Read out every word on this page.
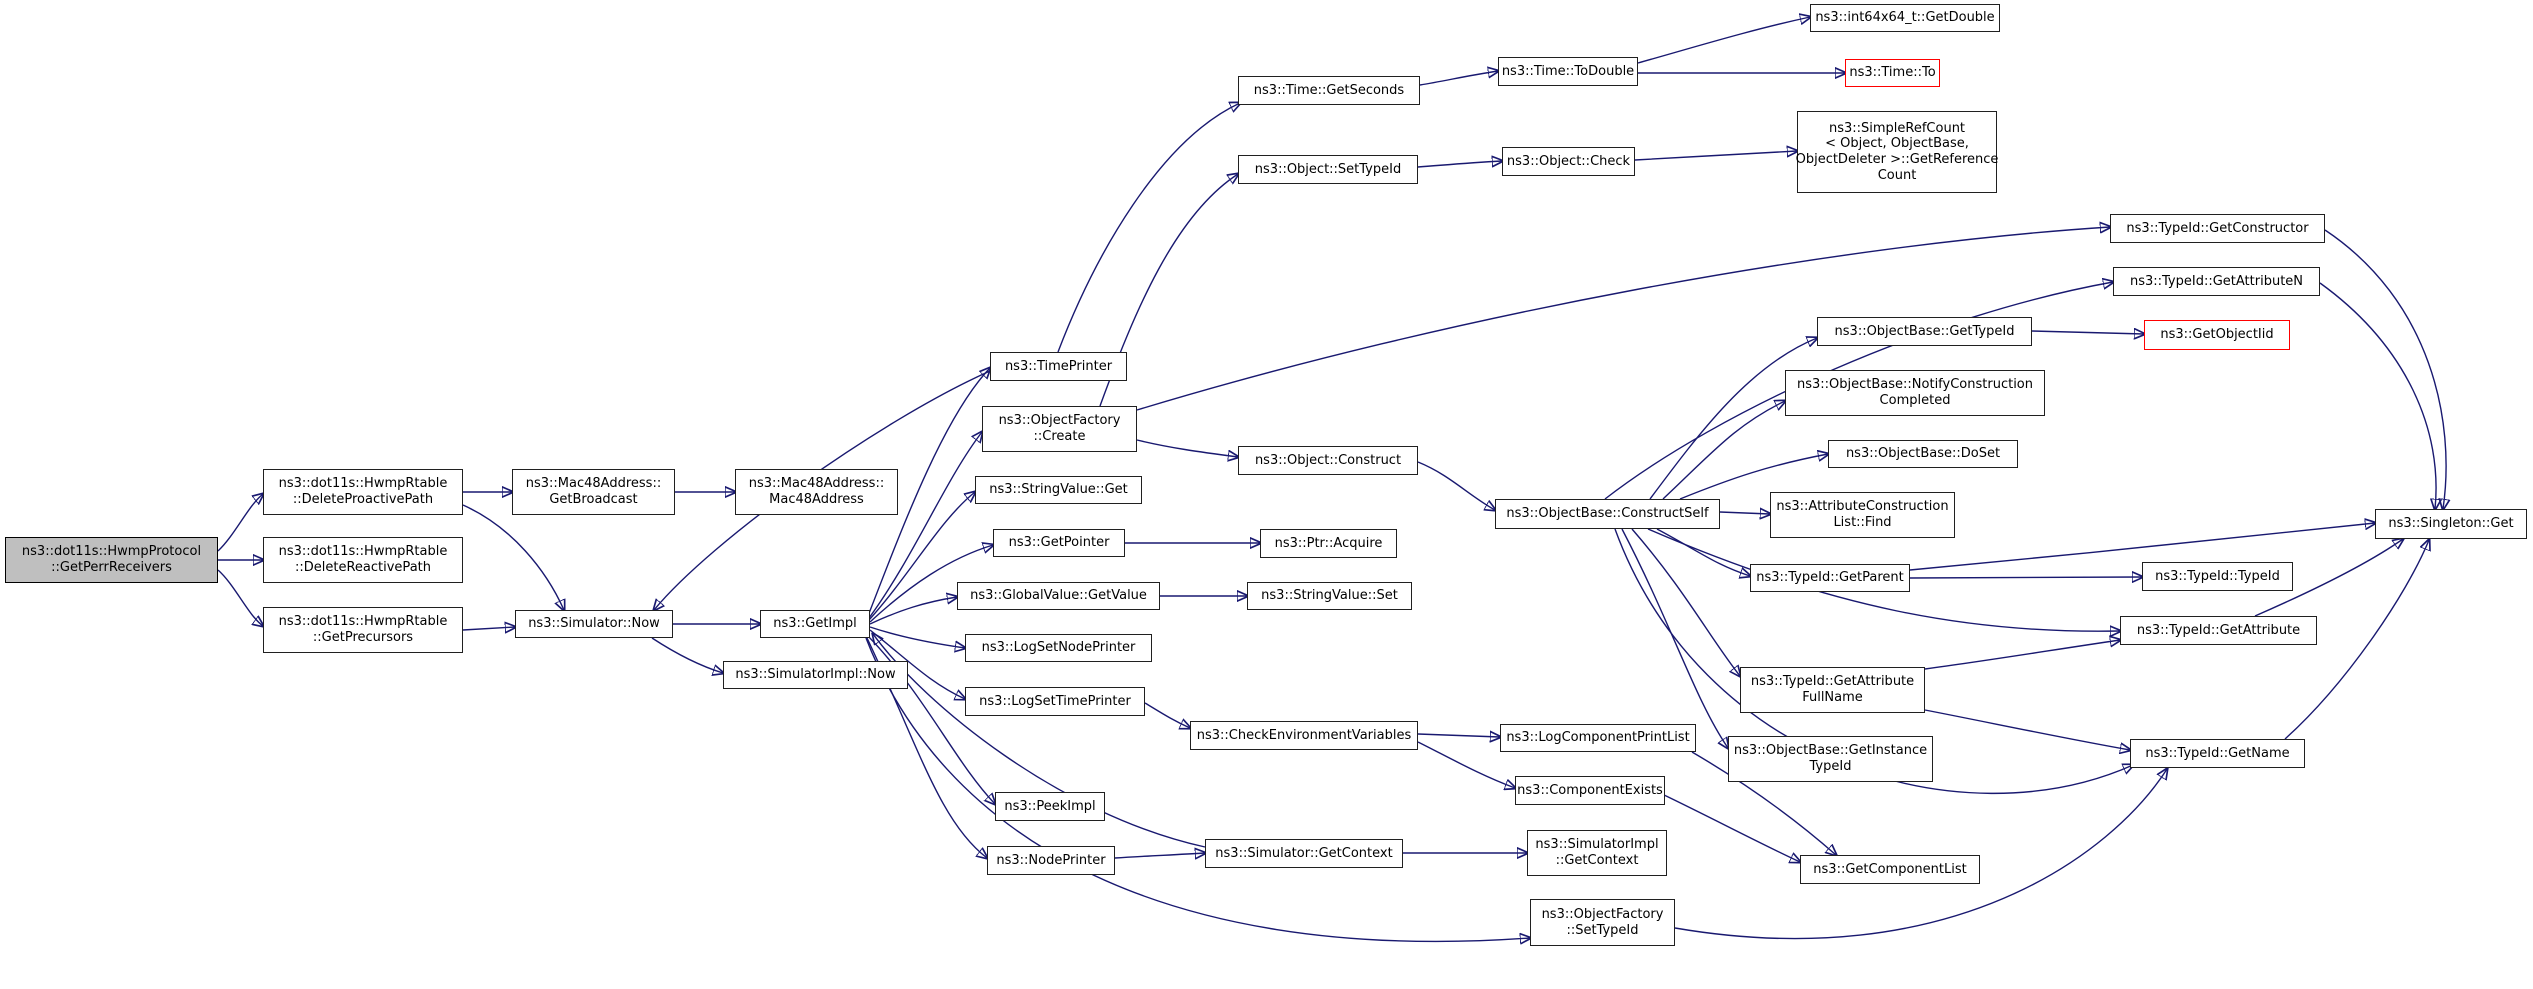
ns3::dot11s::HwmpProtocol
::GetPerrReceivers
ns3::dot11s::HwmpRtable
::DeleteProactivePath
ns3::dot11s::HwmpRtable
::DeleteReactivePath
ns3::dot11s::HwmpRtable
::GetPrecursors
ns3::Mac48Address::
GetBroadcast
ns3::Mac48Address::
Mac48Address
ns3::Simulator::Now	ns3::GetImpl
ns3::SimulatorImpl::Now
ns3::TimePrinter
ns3::ObjectFactory
::Create
ns3::StringValue::Get
ns3::GetPointer
ns3::GlobalValue::GetValue
ns3::LogSetNodePrinter
ns3::LogSetTimePrinter
ns3::PeekImpl
ns3::NodePrinter
ns3::Time::GetSeconds
ns3::Object::SetTypeId
ns3::Object::Construct
ns3::Ptr::Acquire
ns3::StringValue::Set
ns3::CheckEnvironmentVariables
ns3::Simulator::GetContext
ns3::Time::ToDouble
ns3::Object::Check
ns3::ObjectBase::ConstructSelf
ns3::LogComponentPrintList
ns3::ComponentExists
ns3::SimulatorImpl
::GetContext
ns3::ObjectFactory
::SetTypeId
ns3::int64x64_t::GetDouble
ns3::Time::To
ns3::SimpleRefCount
< Object, ObjectBase,
ObjectDeleter >::GetReference
Count
ns3::ObjectBase::GetTypeId
ns3::ObjectBase::NotifyConstruction
Completed
ns3::ObjectBase::DoSet
ns3::AttributeConstruction
List::Find
ns3::TypeId::GetParent
ns3::TypeId::GetAttribute
FullName
ns3::ObjectBase::GetInstance
TypeId
ns3::GetComponentList
ns3::TypeId::GetConstructor
ns3::TypeId::GetAttributeN
ns3::GetObjectIid
ns3::TypeId::TypeId
ns3::TypeId::GetAttribute
ns3::TypeId::GetName
ns3::Singleton::Get
